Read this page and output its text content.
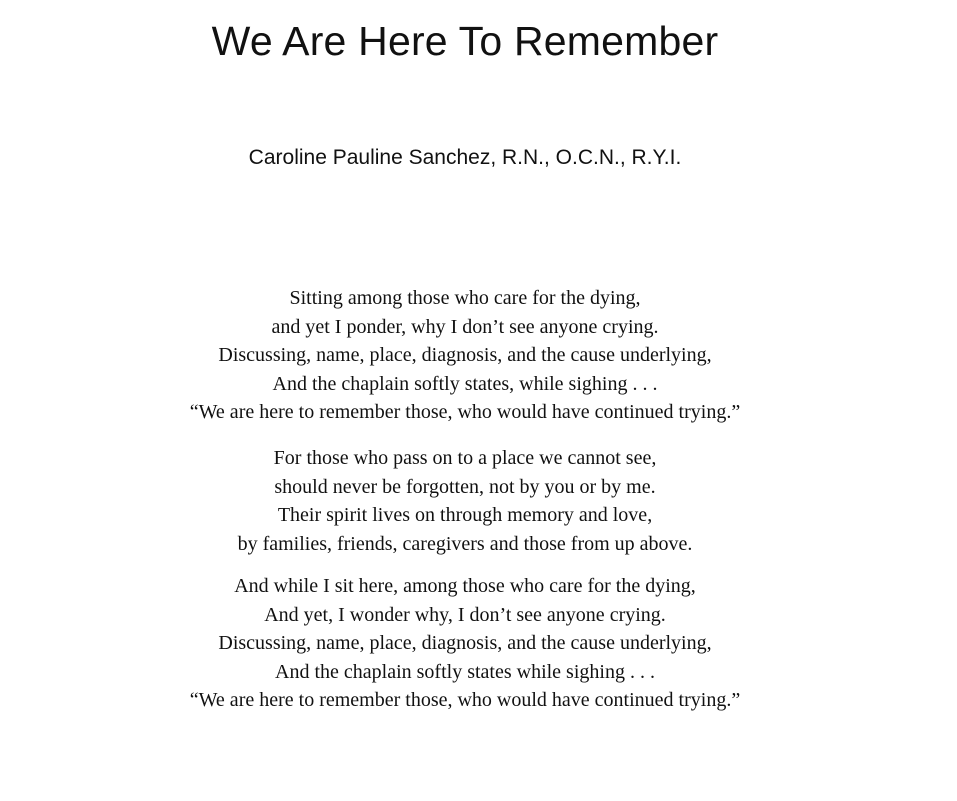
We Are Here To Remember

Caroline Pauline Sanchez, R.N., O.C.N., R.Y.I.

Sitting among those who care for the dying,
and yet I ponder, why I don’t see anyone crying.
Discussing, name, place, diagnosis, and the cause underlying,
And the chaplain softly states, while sighing . . .
“We are here to remember those, who would have continued trying.”
For those who pass on to a place we cannot see,
should never be forgotten, not by you or by me.
Their spirit lives on through memory and love,
by families, friends, caregivers and those from up above.
And while I sit here, among those who care for the dying,
And yet, I wonder why, I don’t see anyone crying.
Discussing, name, place, diagnosis, and the cause underlying,
And the chaplain softly states while sighing . . .
“We are here to remember those, who would have continued trying.”
